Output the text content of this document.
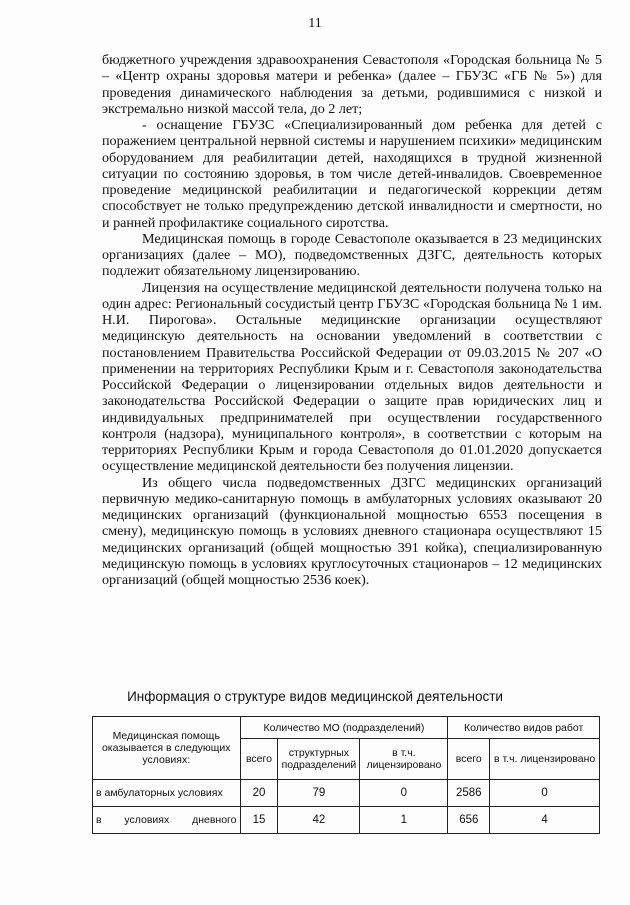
11

бюджетного учреждения здравоохранения Севастополя «Городская больница № 5 – «Центр охраны здоровья матери и ребенка» (далее – ГБУЗС «ГБ № 5») для проведения динамического наблюдения за детьми, родившимися с низкой и экстремально низкой массой тела, до 2 лет;

- оснащение ГБУЗС «Специализированный дом ребенка для детей с поражением центральной нервной системы и нарушением психики» медицинским оборудованием для реабилитации детей, находящихся в трудной жизненной ситуации по состоянию здоровья, в том числе детей-инвалидов. Своевременное проведение медицинской реабилитации и педагогической коррекции детям способствует не только предупреждению детской инвалидности и смертности, но и ранней профилактике социального сиротства.

Медицинская помощь в городе Севастополе оказывается в 23 медицинских организациях (далее – МО), подведомственных ДЗГС, деятельность которых подлежит обязательному лицензированию.

Лицензия на осуществление медицинской деятельности получена только на один адрес: Региональный сосудистый центр ГБУЗС «Городская больница № 1 им. Н.И. Пирогова». Остальные медицинские организации осуществляют медицинскую деятельность на основании уведомлений в соответствии с постановлением Правительства Российской Федерации от 09.03.2015 № 207 «О применении на территориях Республики Крым и г. Севастополя законодательства Российской Федерации о лицензировании отдельных видов деятельности и законодательства Российской Федерации о защите прав юридических лиц и индивидуальных предпринимателей при осуществлении государственного контроля (надзора), муниципального контроля», в соответствии с которым на территориях Республики Крым и города Севастополя до 01.01.2020 допускается осуществление медицинской деятельности без получения лицензии.

Из общего числа подведомственных ДЗГС медицинских организаций первичную медико-санитарную помощь в амбулаторных условиях оказывают 20 медицинских организаций (функциональной мощностью 6553 посещения в смену), медицинскую помощь в условиях дневного стационара осуществляют 15 медицинских организаций (общей мощностью 391 койка), специализированную медицинскую помощь в условиях круглосуточных стационаров – 12 медицинских организаций (общей мощностью 2536 коек).

Информация о структуре видов медицинской деятельности
Медицинская помощь оказывается в следующих условиях:	Количество МО (подразделений)			Количество видов работ	
	всего	структурных подразделений	в т.ч. лицензировано	всего	в т.ч. лицензировано
в амбулаторных условиях	20	79	0	2586	0

в условиях дневного	15	42	1	656	4
